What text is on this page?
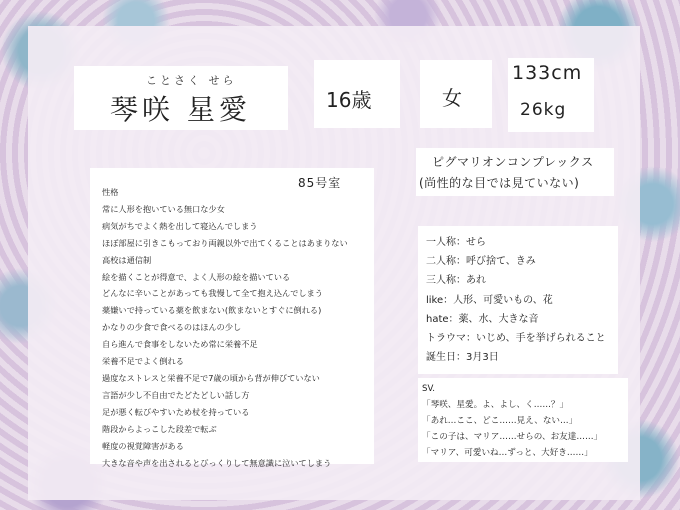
ことさく せら
琴咲 星愛	16歳	女
133cm
26kg
85号室
性格
常に人形を抱いている無口な少女
病気がちでよく熱を出して寝込んでしまう
ほぼ部屋に引きこもっており両親以外で出てくることはあまりない
高校は通信制
絵を描くことが得意で、よく人形の絵を描いている
どんなに辛いことがあっても我慢して全て抱え込んでしまう
薬嫌いで持っている薬を飲まない(飲まないとすぐに倒れる)
かなりの少食で食べるのはほんの少し
自ら進んで食事をしないため常に栄養不足
栄養不足でよく倒れる
過度なストレスと栄養不足で7歳の頃から背が伸びていない
言語が少し不自由でたどたどしい話し方
足が悪く転びやすいため杖を持っている
階段からよっこした段差で転ぶ
軽度の視覚障害がある
大きな音や声を出されるとびっくりして無意識に泣いてしまう
ピグマリオンコンプレックス
(尚性的な目では見ていない)
一人称：せら
二人称：呼び捨て、きみ
三人称：あれ
like：人形、可愛いもの、花
hate：薬、水、大きな音
トラウマ：いじめ、手を挙げられること
誕生日：3月3日
SV.
「琴咲、星愛。よ、よし、く……？」
「あれ…ここ、どこ……見え、ない…」
「この子は、マリア……せらの、お友達……」
「マリア、可愛いね…ずっと、大好き……」
